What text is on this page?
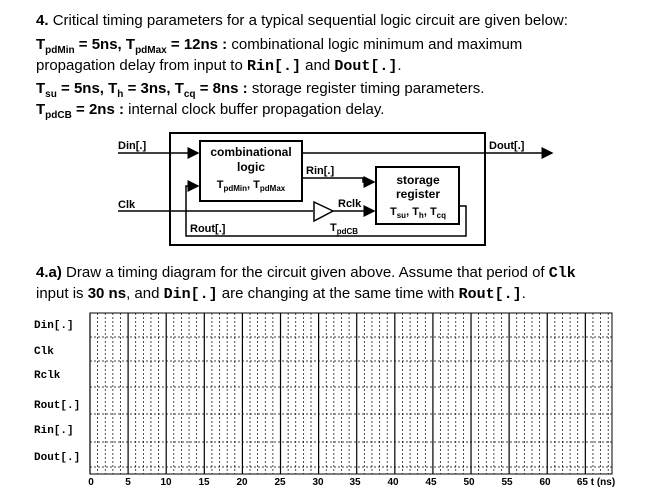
4. Critical timing parameters for a typical sequential logic circuit are given below:
$T_{pdMin} = 5ns$, $T_{pdMax} = 12ns$ : combinational logic minimum and maximum
propagation delay from input to Rin[.] and Dout[.].
$T_{su} = 5ns$, $T_h = 3ns$, $T_{cq} = 8ns$ : storage register timing parameters.
$T_{pdCB} = 2ns$ : internal clock buffer propagation delay.
Din[.]	Dout[.]
Clk
Rin[.]
Rout[.]
Rclk
combinational
logic
$T_{pdMin}$, $T_{pdMax}$
storage
register
$T_{su}$, $T_h$, $T_{cq}$
$T_{pdCB}$
4.a) Draw a timing diagram for the circuit given above. Assume that period of Clk
input is 30 ns, and Din[.] are changing at the same time with Rout[.].
Din[.]
Clk
Rclk
Rout[.]
Rin[.]
Dout[.]
0	5	10	15	20	25	30	35	40	45	50	55	60	65 t (ns)
